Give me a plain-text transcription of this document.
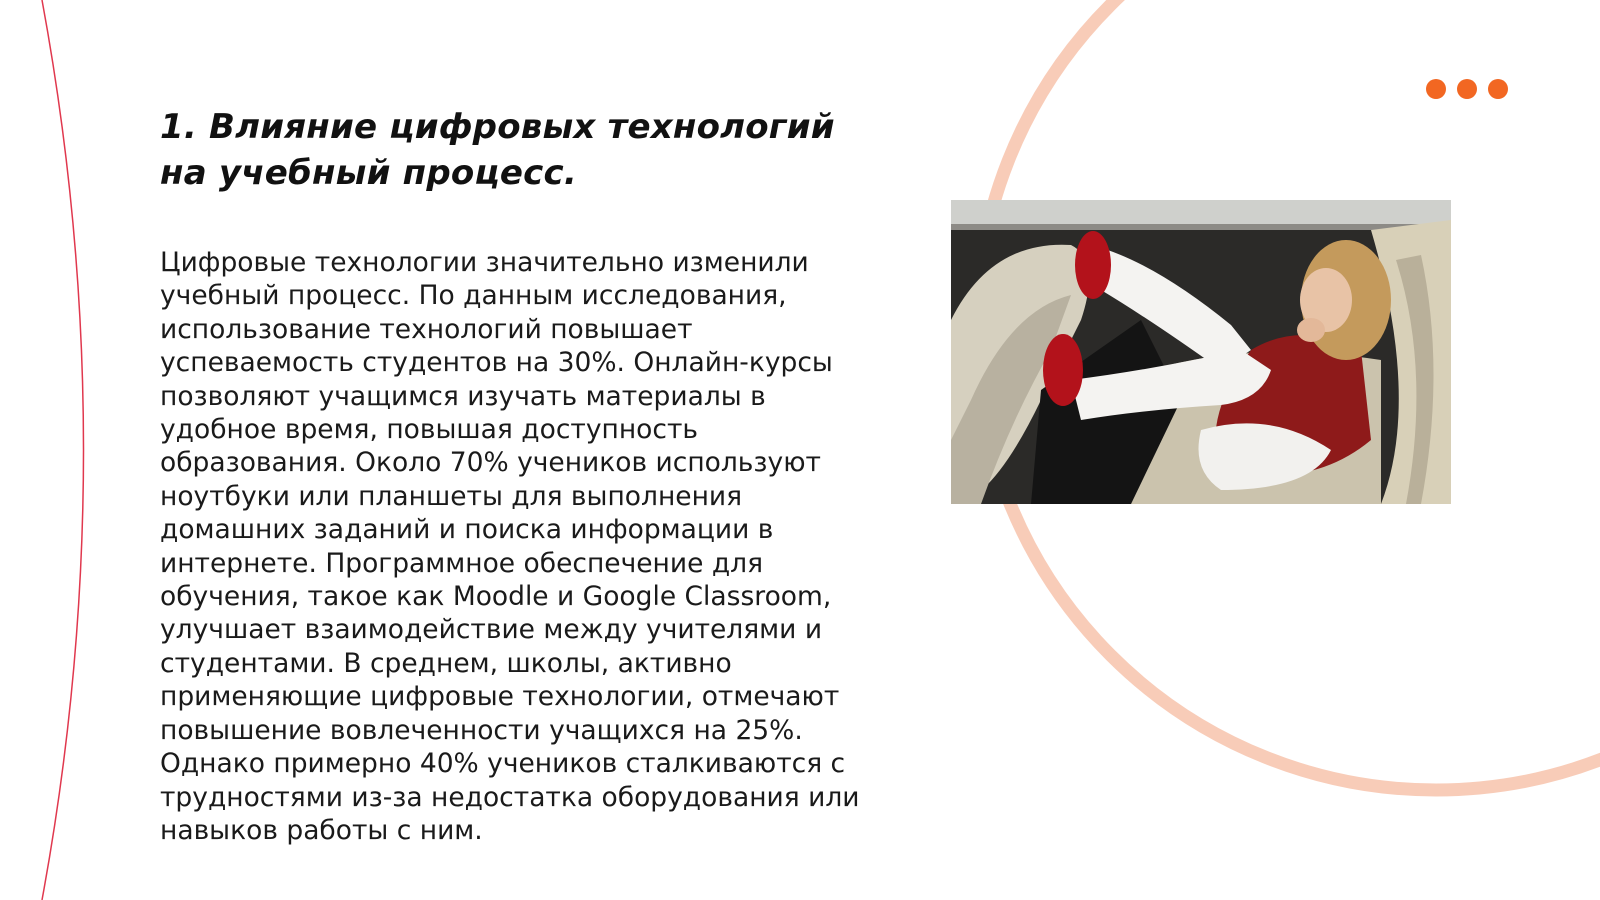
1. Влияние цифровых технологий
на учебный процесс.

Цифровые технологии значительно изменили
учебный процесс. По данным исследования,
использование технологий повышает
успеваемость студентов на 30%. Онлайн-курсы
позволяют учащимся изучать материалы в
удобное время, повышая доступность
образования. Около 70% учеников используют
ноутбуки или планшеты для выполнения
домашних заданий и поиска информации в
интернете. Программное обеспечение для
обучения, такое как Moodle и Google Classroom,
улучшает взаимодействие между учителями и
студентами. В среднем, школы, активно
применяющие цифровые технологии, отмечают
повышение вовлеченности учащихся на 25%.
Однако примерно 40% учеников сталкиваются с
трудностями из-за недостатка оборудования или
навыков работы с ним.
